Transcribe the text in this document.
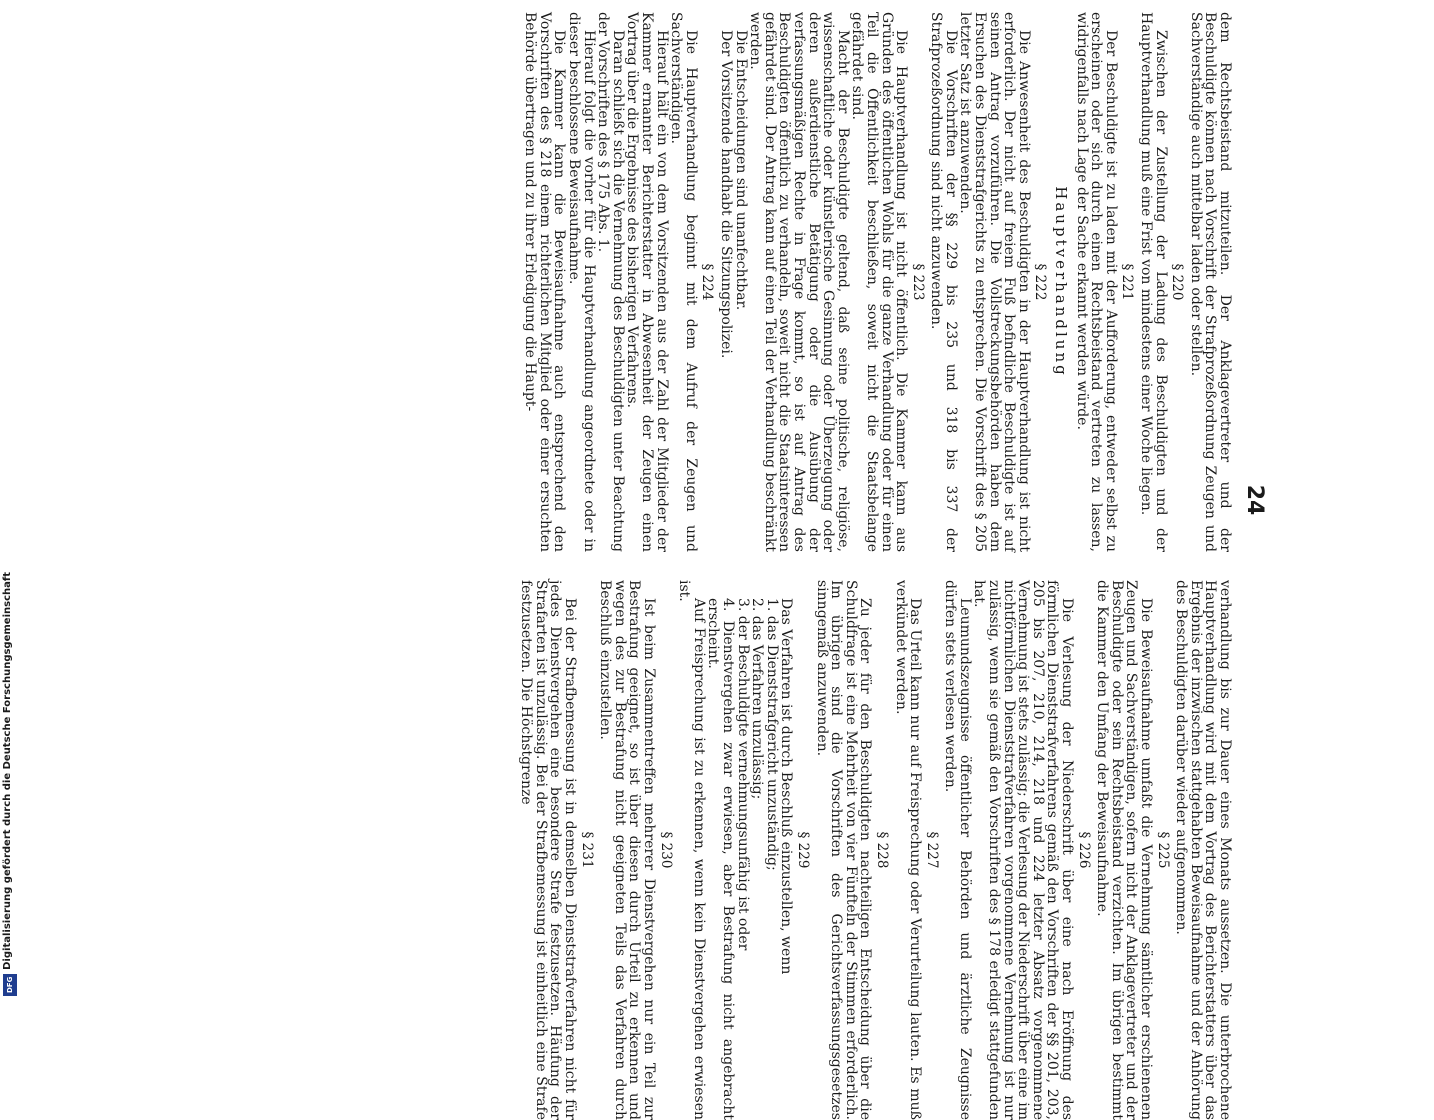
Digitalisierung gefördert durch die Deutsche Forschungsgemeinschaft
DFG
24

dem Rechtsbeistand mitzuteilen. Der Anklagevertreter und der Beschuldigte können nach Vorschrift der Strafprozeßordnung Zeugen und Sachverständige auch mittelbar laden oder stellen.

§ 220

Zwischen der Zustellung der Ladung des Beschuldigten und der Hauptverhandlung muß eine Frist von mindestens einer Woche liegen.

§ 221

Der Beschuldigte ist zu laden mit der Aufforderung, entweder selbst zu erscheinen oder sich durch einen Rechtsbeistand vertreten zu lassen, widrigenfalls nach Lage der Sache erkannt werden würde.

Hauptverhandlung
§ 222

Die Anwesenheit des Beschuldigten in der Hauptverhandlung ist nicht erforderlich. Der nicht auf freiem Fuß befindliche Beschuldigte ist auf seinen Antrag vorzuführen. Die Vollstreckungsbehörden haben dem Ersuchen des Dienststrafgerichts zu entsprechen. Die Vorschrift des § 205 letzter Satz ist anzuwenden.

Die Vorschriften der §§ 229 bis 235 und 318 bis 337 der Strafprozeßordnung sind nicht anzuwenden.

§ 223

Die Hauptverhandlung ist nicht öffentlich. Die Kammer kann aus Gründen des öffentlichen Wohls für die ganze Verhandlung oder für einen Teil die Öffentlichkeit beschließen, soweit nicht die Staatsbelange gefährdet sind.

Macht der Beschuldigte geltend, daß seine politische, religiöse, wissenschaftliche oder künstlerische Gesinnung oder Überzeugung oder deren außerdienstliche Betätigung oder die Ausübung der verfassungsmäßigen Rechte in Frage kommt, so ist auf Antrag des Beschuldigten öffentlich zu verhandeln, soweit nicht die Staatsinteressen gefährdet sind. Der Antrag kann auf einen Teil der Verhandlung beschränkt werden.

Die Entscheidungen sind unanfechtbar.

Der Vorsitzende handhabt die Sitzungspolizei.

§ 224

Die Hauptverhandlung beginnt mit dem Aufruf der Zeugen und Sachverständigen.

Hierauf hält ein von dem Vorsitzenden aus der Zahl der Mitglieder der Kammer ernannter Berichterstatter in Abwesenheit der Zeugen einen Vortrag über die Ergebnisse des bisherigen Verfahrens.

Daran schließt sich die Vernehmung des Beschuldigten unter Beachtung der Vorschriften des § 175 Abs. 1.

Hierauf folgt die vorher für die Hauptverhandlung angeordnete oder in dieser beschlossene Beweisaufnahme.

Die Kammer kann die Beweisaufnahme auch entsprechend den Vorschriften des § 218 einem richterlichen Mitglied oder einer ersuchten Behörde übertragen und zu ihrer Erledigung die Haupt-

verhandlung bis zur Dauer eines Monats aussetzen. Die unterbrochene Hauptverhandlung wird mit dem Vortrag des Berichterstatters über das Ergebnis der inzwischen stattgehabten Beweisaufnahme und der Anhörung des Beschuldigten darüber wieder aufgenommen.

§ 225

Die Beweisaufnahme umfaßt die Vernehmung sämtlicher erschienenen Zeugen und Sachverständigen, sofern nicht der Anklagevertreter und der Beschuldigte oder sein Rechtsbeistand verzichten. Im übrigen bestimmt die Kammer den Umfang der Beweisaufnahme.

§ 226

Die Verlesung der Niederschrift über eine nach Eröffnung des förmlichen Dienststrafverfahrens gemäß den Vorschriften der §§ 201, 203, 205 bis 207, 210, 214, 218 und 224 letzter Absatz vorgenommene Vernehmung ist stets zulässig; die Verlesung der Niederschrift über eine im nichtförmlichen Dienststrafverfahren vorgenommene Vernehmung ist nur zulässig, wenn sie gemäß den Vorschriften des § 178 erledigt stattgefunden hat.

Leumundszeugnisse öffentlicher Behörden und ärztliche Zeugnisse dürfen stets verlesen werden.

§ 227

Das Urteil kann nur auf Freisprechung oder Verurteilung lauten. Es muß verkündet werden.

§ 228

Zu jeder für den Beschuldigten nachteiligen Entscheidung über die Schuldfrage ist eine Mehrheit von vier Fünfteln der Stimmen erforderlich. Im übrigen sind die Vorschriften des Gerichtsverfassungsgesetzes sinngemäß anzuwenden.

§ 229

Das Verfahren ist durch Beschluß einzustellen, wenn

1. das Dienststrafgericht unzuständig;
2. das Verfahren unzulässig;
3. der Beschuldigte vernehmungsunfähig ist oder
4. Dienstvergehen zwar erwiesen, aber Bestrafung nicht angebracht erscheint.

Auf Freisprechung ist zu erkennen, wenn kein Dienstvergehen erwiesen ist.

§ 230

Ist beim Zusammentreffen mehrerer Dienstvergehen nur ein Teil zur Bestrafung geeignet, so ist über diesen durch Urteil zu erkennen und wegen des zur Bestrafung nicht geeigneten Teils das Verfahren durch Beschluß einzustellen.

§ 231

Bei der Strafbemessung ist in demselben Dienststrafverfahren nicht für jedes Dienstvergehen eine besondere Strafe festzusetzen. Häufung der Strafarten ist unzulässig. Bei der Strafbemessung ist einheitlich eine Strafe festzusetzen. Die Höchstgrenze
